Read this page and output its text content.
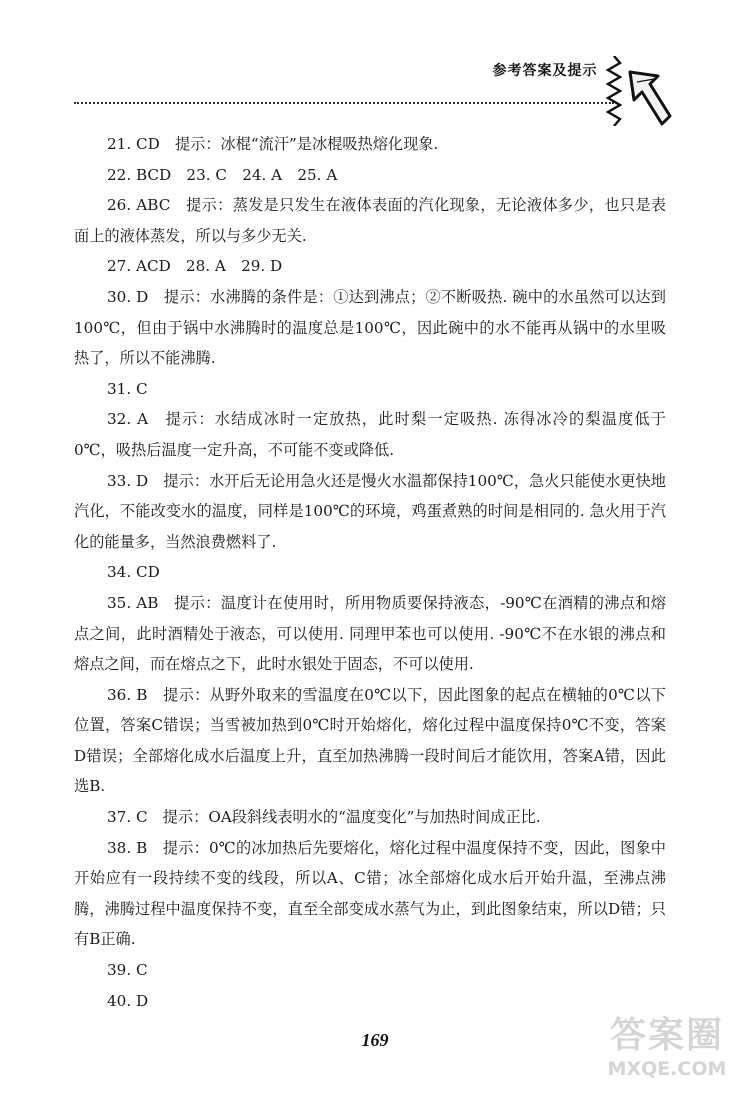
参考答案及提示

21. CD　提示：冰棍“流汗”是冰棍吸热熔化现象.

22. BCD　23. C　24. A　25. A

26. ABC　提示：蒸发是只发生在液体表面的汽化现象，无论液体多少，也只是表面上的液体蒸发，所以与多少无关.

27. ACD　28. A　29. D

30. D　提示：水沸腾的条件是：①达到沸点；②不断吸热. 碗中的水虽然可以达到100℃，但由于锅中水沸腾时的温度总是100℃，因此碗中的水不能再从锅中的水里吸热了，所以不能沸腾.

31. C

32. A　提示：水结成冰时一定放热，此时梨一定吸热. 冻得冰冷的梨温度低于0℃，吸热后温度一定升高，不可能不变或降低.

33. D　提示：水开后无论用急火还是慢火水温都保持100℃，急火只能使水更快地汽化，不能改变水的温度，同样是100℃的环境，鸡蛋煮熟的时间是相同的. 急火用于汽化的能量多，当然浪费燃料了.

34. CD

35. AB　提示：温度计在使用时，所用物质要保持液态，-90℃在酒精的沸点和熔点之间，此时酒精处于液态，可以使用. 同理甲苯也可以使用. -90℃不在水银的沸点和熔点之间，而在熔点之下，此时水银处于固态，不可以使用.

36. B　提示：从野外取来的雪温度在0℃以下，因此图象的起点在横轴的0℃以下位置，答案C错误；当雪被加热到0℃时开始熔化，熔化过程中温度保持0℃不变，答案D错误；全部熔化成水后温度上升，直至加热沸腾一段时间后才能饮用，答案A错，因此选B.

37. C　提示：OA段斜线表明水的“温度变化”与加热时间成正比.

38. B　提示：0℃的冰加热后先要熔化，熔化过程中温度保持不变，因此，图象中开始应有一段持续不变的线段，所以A、C错；冰全部熔化成水后开始升温，至沸点沸腾，沸腾过程中温度保持不变，直至全部变成水蒸气为止，到此图象结束，所以D错；只有B正确.

39. C

40. D

169	答案圈
MXQE.COM
